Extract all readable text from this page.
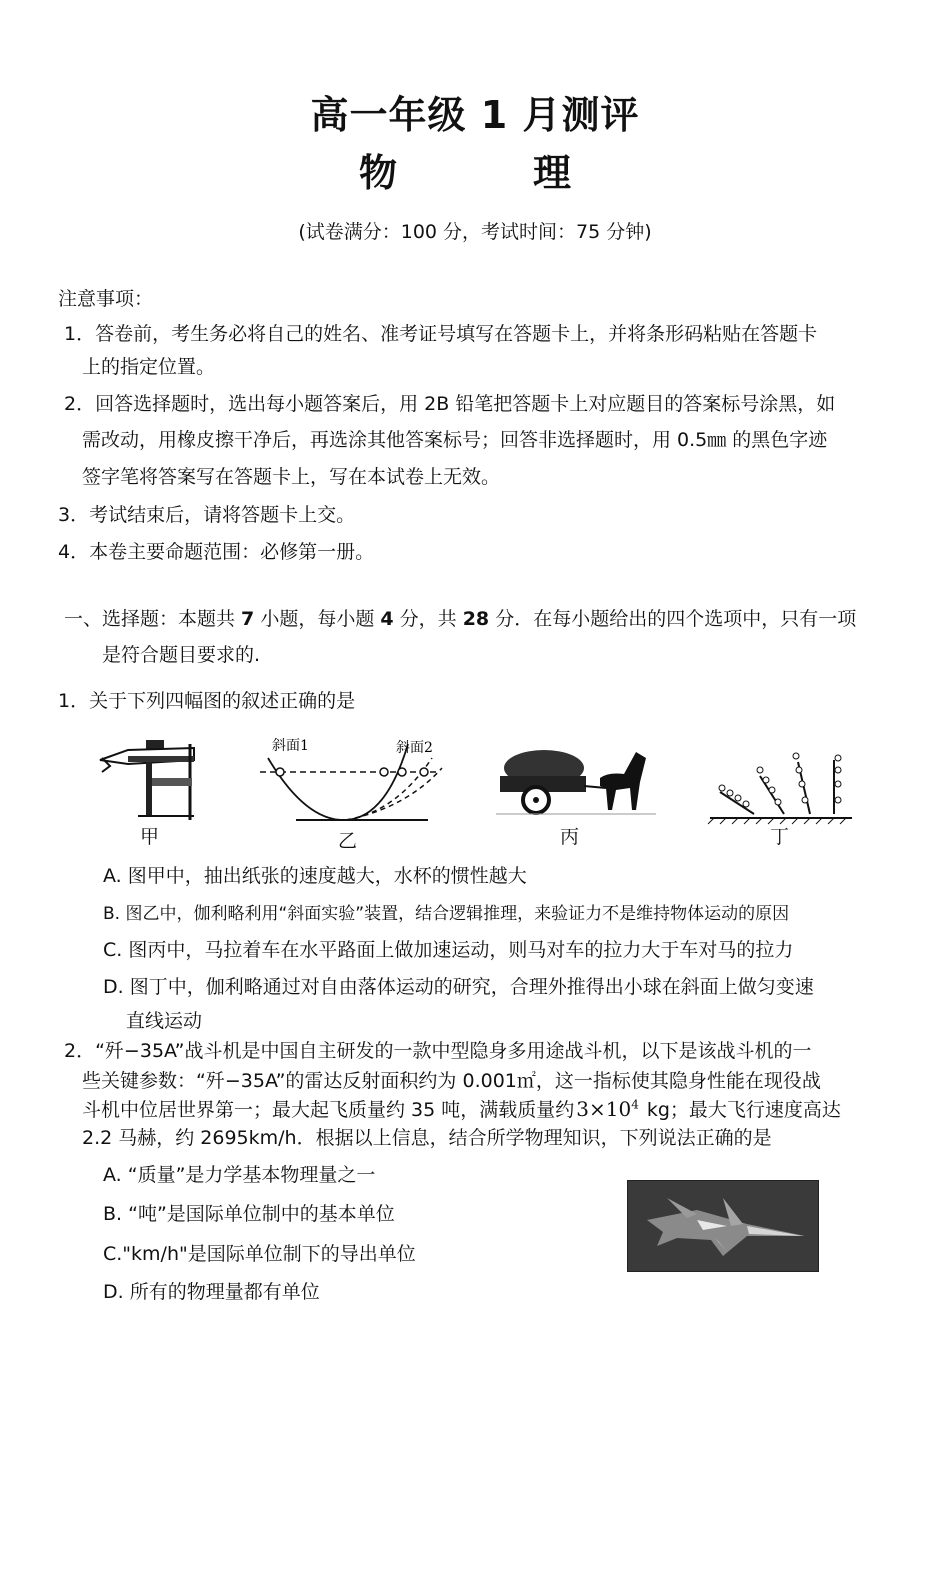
高一年级 1 月测评
物　　理
(试卷满分：100 分，考试时间：75 分钟)
注意事项：
1．答卷前，考生务必将自己的姓名、准考证号填写在答题卡上，并将条形码粘贴在答题卡
上的指定位置。
2．回答选择题时，选出每小题答案后，用 2B 铅笔把答题卡上对应题目的答案标号涂黑，如
需改动，用橡皮擦干净后，再选涂其他答案标号；回答非选择题时，用 0.5㎜ 的黑色字迹
签字笔将答案写在答题卡上，写在本试卷上无效。
3．考试结束后，请将答题卡上交。
4．本卷主要命题范围：必修第一册。
一、选择题：本题共 7 小题，每小题 4 分，共 28 分．在每小题给出的四个选项中，只有一项
是符合题目要求的.
1．关于下列四幅图的叙述正确的是
甲
斜面1	斜面2
乙	丙	丁
A. 图甲中，抽出纸张的速度越大，水杯的惯性越大
B. 图乙中，伽利略利用“斜面实验”装置，结合逻辑推理，来验证力不是维持物体运动的原因
C. 图丙中，马拉着车在水平路面上做加速运动，则马对车的拉力大于车对马的拉力
D. 图丁中，伽利略通过对自由落体运动的研究，合理外推得出小球在斜面上做匀变速
直线运动
2．“歼−35A”战斗机是中国自主研发的一款中型隐身多用途战斗机，以下是该战斗机的一
些关键参数：“歼−35A”的雷达反射面积约为 0.001㎡，这一指标使其隐身性能在现役战
斗机中位居世界第一；最大起飞质量约 35 吨，满载质量约 $3\times 10^4$ kg；最大飞行速度高达
2.2 马赫，约 2695km/h．根据以上信息，结合所学物理知识，下列说法正确的是
A. “质量”是力学基本物理量之一
B. “吨”是国际单位制中的基本单位
C."km/h"是国际单位制下的导出单位
D. 所有的物理量都有单位
